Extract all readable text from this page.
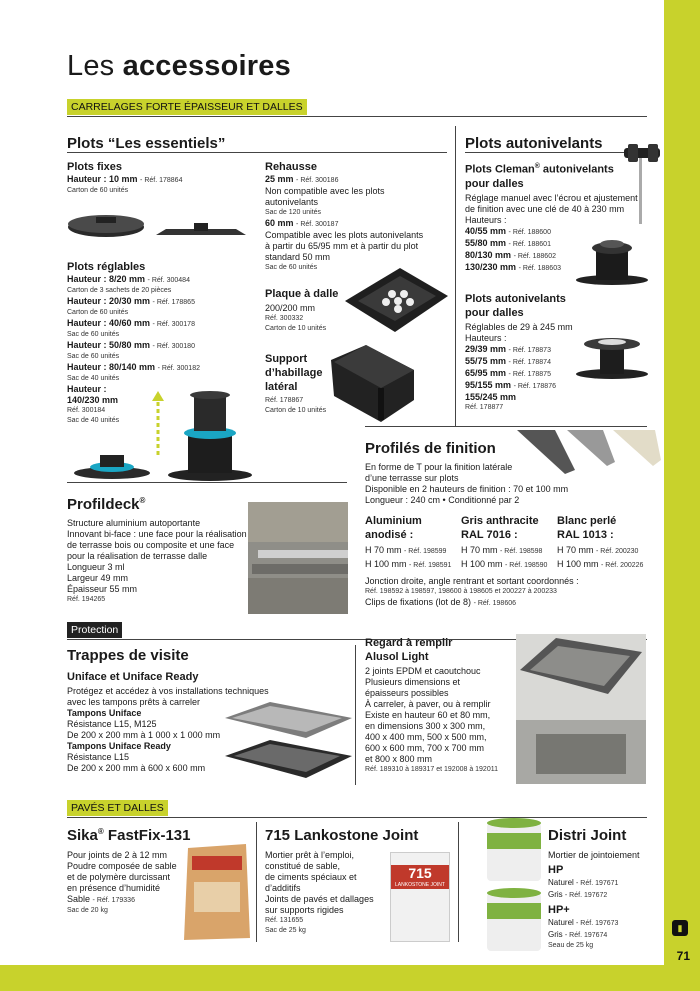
Les accessoires
CARRELAGES FORTE ÉPAISSEUR ET DALLES
Plots “Les essentiels”
Plots fixes
Hauteur : 10 mm - Réf. 178864
Carton de 60 unités
Plots réglables
Hauteur : 8/20 mm - Réf. 300484
Carton de 3 sachets de 20 pièces
Hauteur : 20/30 mm - Réf. 178865
Carton de 60 unités
Hauteur : 40/60 mm - Réf. 300178
Sac de 60 unités
Hauteur : 50/80 mm - Réf. 300180
Sac de 60 unités
Hauteur : 80/140 mm - Réf. 300182
Sac de 40 unités
Hauteur :
140/230 mm
Réf. 300184
Sac de 40 unités
Rehausse
25 mm - Réf. 300186
Non compatible avec les plots
autonivelants
Sac de 120 unités
60 mm - Réf. 300187
Compatible avec les plots autonivelants
à partir du 65/95 mm et à partir du plot
standard 50 mm
Sac de 60 unités
Plaque à dalle
200/200 mm
Réf. 300332
Carton de 10 unités
Support
d’habillage
latéral
Réf. 178867
Carton de 10 unités
Plots autonivelants
Plots Cleman® autonivelants
pour dalles
Réglage manuel avec l’écrou et ajustement
de finition avec une clé de 40 à 230 mm
Hauteurs :
40/55 mm - Réf. 188600
55/80 mm - Réf. 188601
80/130 mm - Réf. 188602
130/230 mm - Réf. 188603
Plots autonivelants
pour dalles
Réglables de 29 à 245 mm
Hauteurs :
29/39 mm - Réf. 178873
55/75 mm - Réf. 178874
65/95 mm - Réf. 178875
95/155 mm - Réf. 178876
155/245 mm
Réf. 178877
Profilés de finition
En forme de T pour la finition latérale
d’une terrasse sur plots
Disponible en 2 hauteurs de finition : 70 et 100 mm
Longueur : 240 cm • Conditionné par 2
Aluminium
anodisé :
H 70 mm - Réf. 198599
H 100 mm - Réf. 198591
Gris anthracite
RAL 7016 :
H 70 mm - Réf. 198598
H 100 mm - Réf. 198590
Blanc perlé
RAL 1013 :
H 70 mm - Réf. 200230
H 100 mm - Réf. 200226
Jonction droite, angle rentrant et sortant coordonnés :
Réf. 198592 à 198597, 198600 à 198605 et 200227 à 200233
Clips de fixations (lot de 8) - Réf. 198606
Profildeck®
Structure aluminium autoportante
Innovant bi-face : une face pour la réalisation
de terrasse bois ou composite et une face
pour la réalisation de terrasse dalle
Longueur 3 ml
Largeur 49 mm
Épaisseur 55 mm
Réf. 194265
Protection
Trappes de visite
Uniface et Uniface Ready
Protégez et accédez à vos installations techniques
avec les tampons prêts à carreler
Tampons Uniface
Résistance L15, M125
De 200 x 200 mm à 1 000 x 1 000 mm
Tampons Uniface Ready
Résistance L15
De 200 x 200 mm à 600 x 600 mm
Regard à remplir
Alusol Light
2 joints EPDM et caoutchouc
Plusieurs dimensions et
épaisseurs possibles
À carreler, à paver, ou à remplir
Existe en hauteur 60 et 80 mm,
en dimensions 300 x 300 mm,
400 x 400 mm, 500 x 500 mm,
600 x 600 mm, 700 x 700 mm
et 800 x 800 mm
Réf. 189310 à 189317 et 192008 à 192011
PAVÉS ET DALLES
Sika® FastFix-131
Pour joints de 2 à 12 mm
Poudre composée de sable
et de polymère durcissant
en présence d’humidité
Sable - Réf. 179336
Sac de 20 kg
715 Lankostone Joint
Mortier prêt à l’emploi,
constitué de sable,
de ciments spéciaux et
d’additifs
Joints de pavés et dallages
sur supports rigides
Réf. 131655
Sac de 25 kg
715
LANKOSTONE JOINT
Distri Joint
Mortier de jointoiement
HP
Naturel - Réf. 197671
Gris - Réf. 197672
HP+
Naturel - Réf. 197673
Gris - Réf. 197674
Seau de 25 kg
▮
71
